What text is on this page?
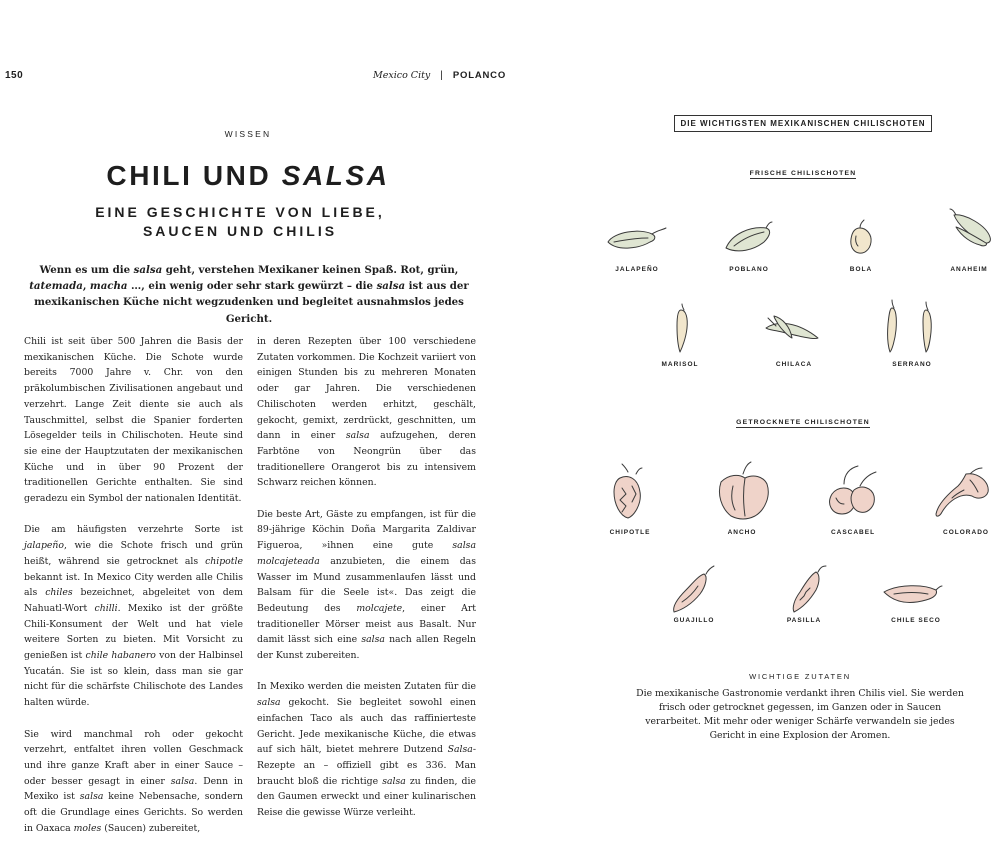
150	Mexico City | POLANCO
WISSEN
CHILI UND SALSA
EINE GESCHICHTE VON LIEBE,
SAUCEN UND CHILIS
Wenn es um die salsa geht, verstehen Mexikaner keinen Spaß. Rot, grün, tatemada, macha …, ein wenig oder sehr stark gewürzt – die salsa ist aus der mexikanischen Küche nicht wegzudenken und begleitet ausnahmslos jedes Gericht.

Chili ist seit über 500 Jahren die Basis der mexikanischen Küche. Die Schote wurde bereits 7000 Jahre v. Chr. von den präkolumbischen Zivilisationen angebaut und verzehrt. Lange Zeit diente sie auch als Tauschmittel, selbst die Spanier forderten Lösegelder teils in Chilischoten. Heute sind sie eine der Hauptzutaten der mexikanischen Küche und in über 90 Prozent der traditionellen Gerichte enthalten. Sie sind geradezu ein Symbol der nationalen Identität.

Die am häufigsten verzehrte Sorte ist jalapeño, wie die Schote frisch und grün heißt, während sie getrocknet als chipotle bekannt ist. In Mexico City werden alle Chilis als chiles bezeichnet, abgeleitet von dem Nahuatl-Wort chilli. Mexiko ist der größte Chili-Konsument der Welt und hat viele weitere Sorten zu bieten. Mit Vorsicht zu genießen ist chile habanero von der Halbinsel Yucatán. Sie ist so klein, dass man sie gar nicht für die schärfste Chilischote des Landes halten würde.

Sie wird manchmal roh oder gekocht verzehrt, entfaltet ihren vollen Geschmack und ihre ganze Kraft aber in einer Sauce – oder besser gesagt in einer salsa. Denn in Mexiko ist salsa keine Nebensache, sondern oft die Grundlage eines Gerichts. So werden in Oaxaca moles (Saucen) zubereitet,

in deren Rezepten über 100 verschiedene Zutaten vorkommen. Die Kochzeit variiert von einigen Stunden bis zu mehreren Monaten oder gar Jahren. Die verschiedenen Chilischoten werden erhitzt, geschält, gekocht, gemixt, zerdrückt, geschnitten, um dann in einer salsa aufzugehen, deren Farbtöne von Neongrün über das traditionellere Orangerot bis zu intensivem Schwarz reichen können.

Die beste Art, Gäste zu empfangen, ist für die 89-jährige Köchin Doña Margarita Zaldivar Figueroa, »ihnen eine gute salsa molcajeteada anzubieten, die einem das Wasser im Mund zusammenlaufen lässt und Balsam für die Seele ist«. Das zeigt die Bedeutung des molcajete, einer Art traditioneller Mörser meist aus Basalt. Nur damit lässt sich eine salsa nach allen Regeln der Kunst zubereiten.

In Mexiko werden die meisten Zutaten für die salsa gekocht. Sie begleitet sowohl einen einfachen Taco als auch das raffinierteste Gericht. Jede mexikanische Küche, die etwas auf sich hält, bietet mehrere Dutzend Salsa-Rezepte an – offiziell gibt es 336. Man braucht bloß die richtige salsa zu finden, die den Gaumen erweckt und einer kulinarischen Reise die gewisse Würze verleiht.

DIE WICHTIGSTEN MEXIKANISCHEN CHILISCHOTEN
FRISCHE CHILISCHOTEN
GETROCKNETE CHILISCHOTEN
JALAPEÑO	POBLANO	BOLA	ANAHEIM
MARISOL	CHILACA	SERRANO
CHIPOTLE	ANCHO	CASCABEL	COLORADO
GUAJILLO	PASILLA	CHILE SECO
WICHTIGE ZUTATEN
Die mexikanische Gastronomie verdankt ihren Chilis viel. Sie werden frisch oder getrocknet gegessen, im Ganzen oder in Saucen verarbeitet. Mit mehr oder weniger Schärfe verwandeln sie jedes Gericht in eine Explosion der Aromen.
